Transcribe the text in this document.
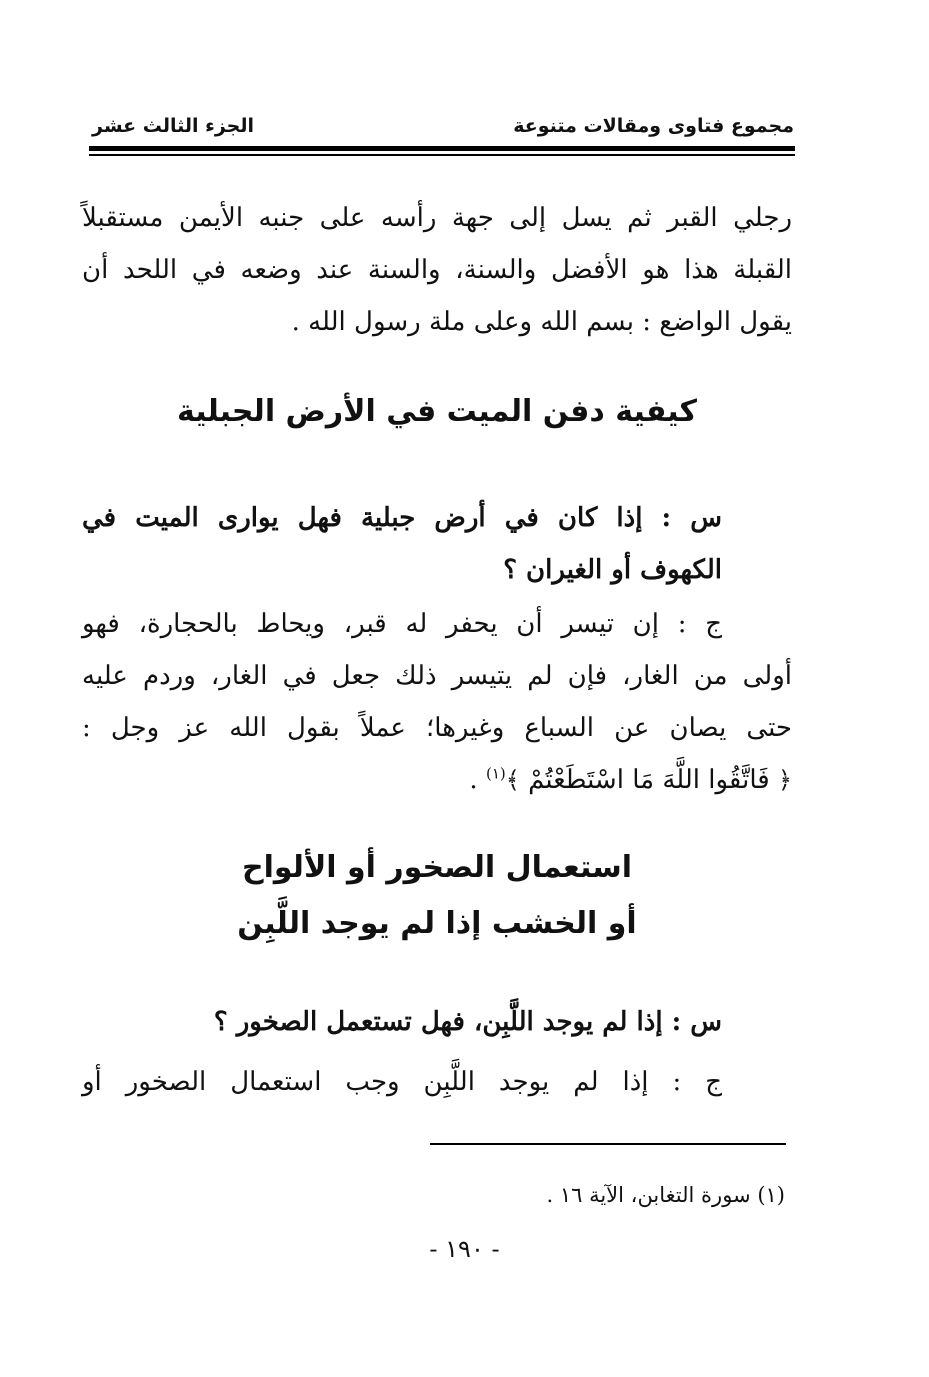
مجموع فتاوى ومقالات متنوعة
الجزء الثالث عشر
رجلي القبر ثم يسل إلى جهة رأسه على جنبه الأيمن مستقبلاً
القبلة هذا هو الأفضل والسنة، والسنة عند وضعه في اللحد أن
يقول الواضع : بسم الله وعلى ملة رسول الله .
كيفية دفن الميت في الأرض الجبلية
س : إذا كان في أرض جبلية فهل يوارى الميت في
الكهوف أو الغيران ؟
ج : إن تيسر أن يحفر له قبر، ويحاط بالحجارة، فهو
أولى من الغار، فإن لم يتيسر ذلك جعل في الغار، وردم عليه
حتى يصان عن السباع وغيرها؛ عملاً بقول الله عز وجل :
﴿ فَاتَّقُوا اللَّهَ مَا اسْتَطَعْتُمْ ﴾$^{(١)}$ .
استعمال الصخور أو الألواح
أو الخشب إذا لم يوجد اللَّبِن
س : إذا لم يوجد اللَّبِن، فهل تستعمل الصخور ؟
ج : إذا لم يوجد اللَّبِن وجب استعمال الصخور أو
(١) سورة التغابن، الآية ١٦ .
- ١٩٠ -
